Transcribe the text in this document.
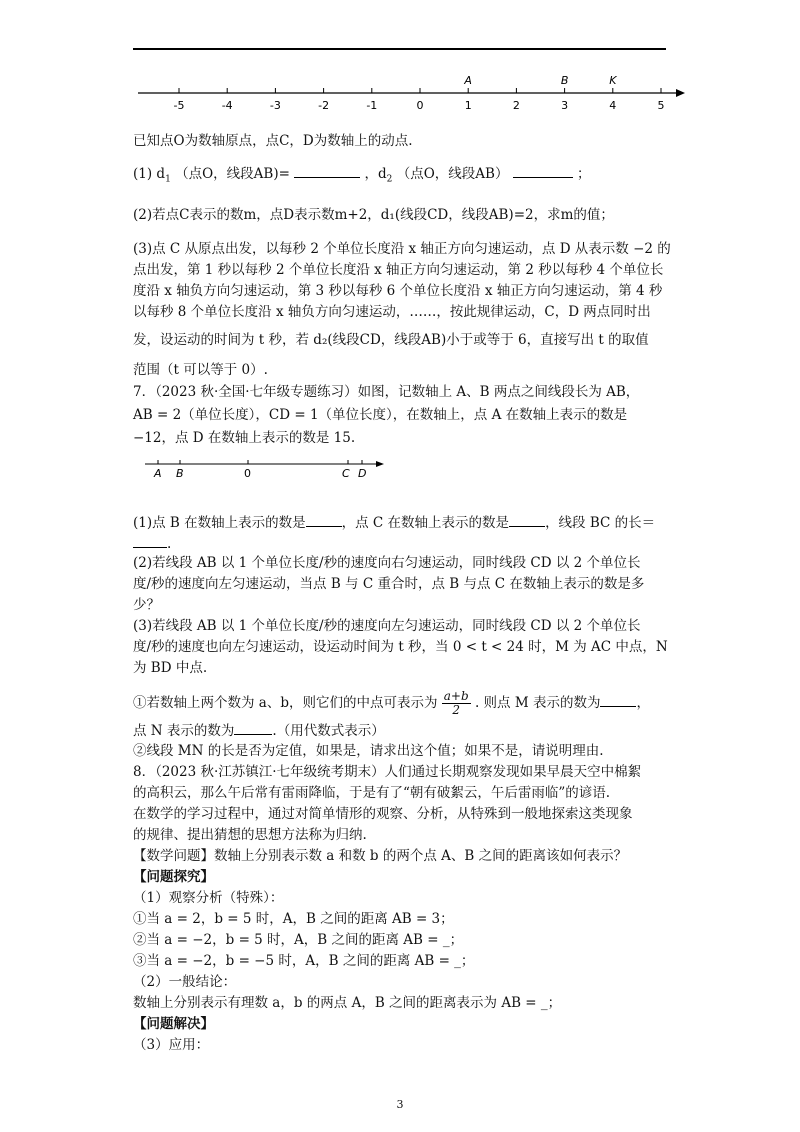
-5	-4	-3	-2	-1	0	1	2	3	4	5
A	B	K
已知点O为数轴原点，点C，D为数轴上的动点.
(1) $d_1$ （点O，线段AB)=	，$d_2$ （点O，线段AB）	；
(2)若点C表示的数m，点D表示数m+2，d₁(线段CD，线段AB)=2，求m的值；
(3)点 C 从原点出发，以每秒 2 个单位长度沿 x 轴正方向匀速运动，点 D 从表示数 −2 的
点出发，第 1 秒以每秒 2 个单位长度沿 x 轴正方向匀速运动，第 2 秒以每秒 4 个单位长
度沿 x 轴负方向匀速运动，第 3 秒以每秒 6 个单位长度沿 x 轴正方向匀速运动，第 4 秒
以每秒 8 个单位长度沿 x 轴负方向匀速运动，……，按此规律运动，C，D 两点同时出
发，设运动的时间为 t 秒，若 d₂(线段CD，线段AB)小于或等于 6，直接写出 t 的取值
范围（t 可以等于 0）.
7．（2023 秋·全国·七年级专题练习）如图，记数轴上 A、B 两点之间线段长为 AB，
AB = 2（单位长度），CD = 1（单位长度），在数轴上，点 A 在数轴上表示的数是
−12，点 D 在数轴上表示的数是 15.
A B	0	C D
(1)点 B 在数轴上表示的数是	，点 C 在数轴上表示的数是	，线段 BC 的长＝
.
(2)若线段 AB 以 1 个单位长度/秒的速度向右匀速运动，同时线段 CD 以 2 个单位长
度/秒的速度向左匀速运动，当点 B 与 C 重合时，点 B 与点 C 在数轴上表示的数是多
少？
(3)若线段 AB 以 1 个单位长度/秒的速度向左匀速运动，同时线段 CD 以 2 个单位长
度/秒的速度也向左匀速运动，设运动时间为 t 秒，当 0 < t < 24 时，M 为 AC 中点，N
为 BD 中点.
①若数轴上两个数为 a、b，则它们的中点可表示为 $\frac{a+b}{2}$ . 则点 M 表示的数为	，
点 N 表示的数为	.（用代数式表示）
②线段 MN 的长是否为定值，如果是，请求出这个值；如果不是，请说明理由.
8．（2023 秋·江苏镇江·七年级统考期末）人们通过长期观察发现如果早晨天空中棉絮
的高积云，那么午后常有雷雨降临，于是有了“朝有破絮云，午后雷雨临”的谚语.
在数学的学习过程中，通过对简单情形的观察、分析，从特殊到一般地探索这类现象
的规律、提出猜想的思想方法称为归纳.
【数学问题】数轴上分别表示数 a 和数 b 的两个点 A、B 之间的距离该如何表示？
【问题探究】
（1）观察分析（特殊）：
①当 a = 2，b = 5 时，A，B 之间的距离 AB = 3；
②当 a = −2，b = 5 时，A，B 之间的距离 AB = _；
③当 a = −2，b = −5 时，A，B 之间的距离 AB = _；
（2）一般结论：
数轴上分别表示有理数 a，b 的两点 A，B 之间的距离表示为 AB = _；
【问题解决】
（3）应用：
3
